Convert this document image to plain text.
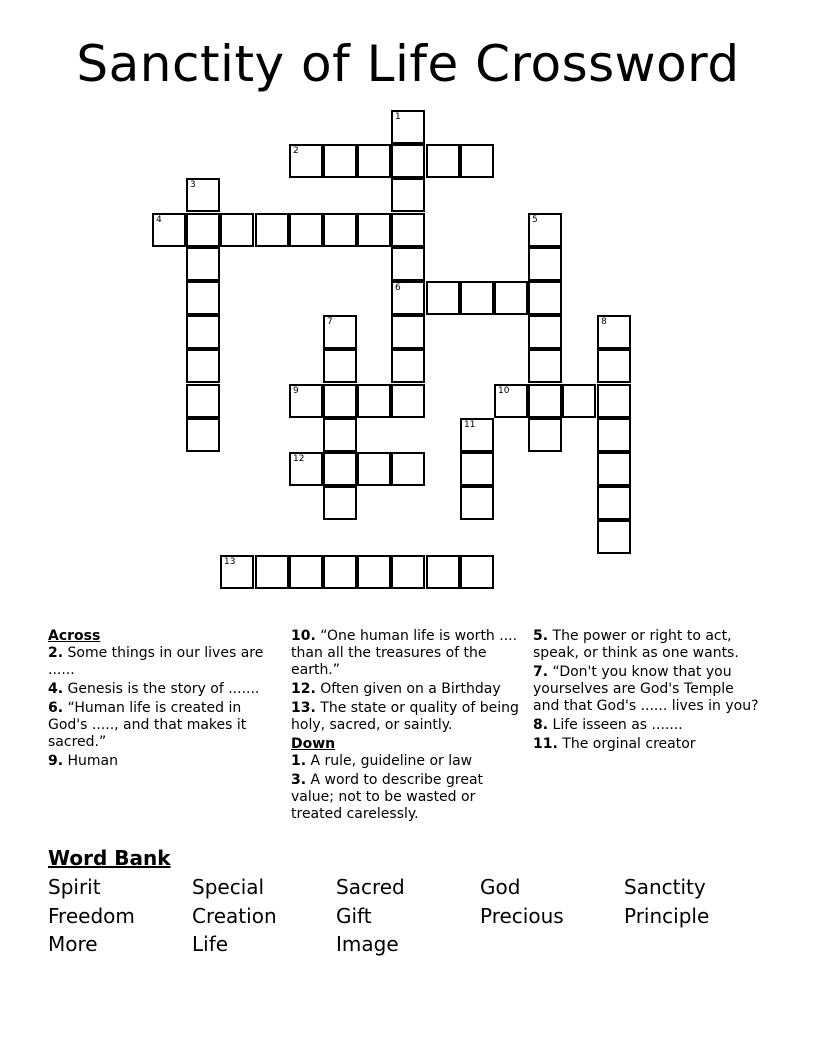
Sanctity of Life Crossword
1
6
2
3
4	5
7	8
9	10
11
12
13
Across
2. Some things in our lives are ......
4. Genesis is the story of .......
6. “Human life is created in God's ....., and that makes it sacred.”
9. Human
10. “One human life is worth .... than all the treasures of the earth.”
12. Often given on a Birthday
13. The state or quality of being holy, sacred, or saintly.
Down
1. A rule, guideline or law
3. A word to describe great value; not to be wasted or treated carelessly.
5. The power or right to act, speak, or think as one wants.
7. “Don't you know that you yourselves are God's Temple and that God's ...... lives in you?
8. Life isseen as .......
11. The orginal creator
Word Bank
Spirit	Special	Sacred	God	Sanctity
Freedom	Creation	Gift	Precious	Principle
More	Life	Image
